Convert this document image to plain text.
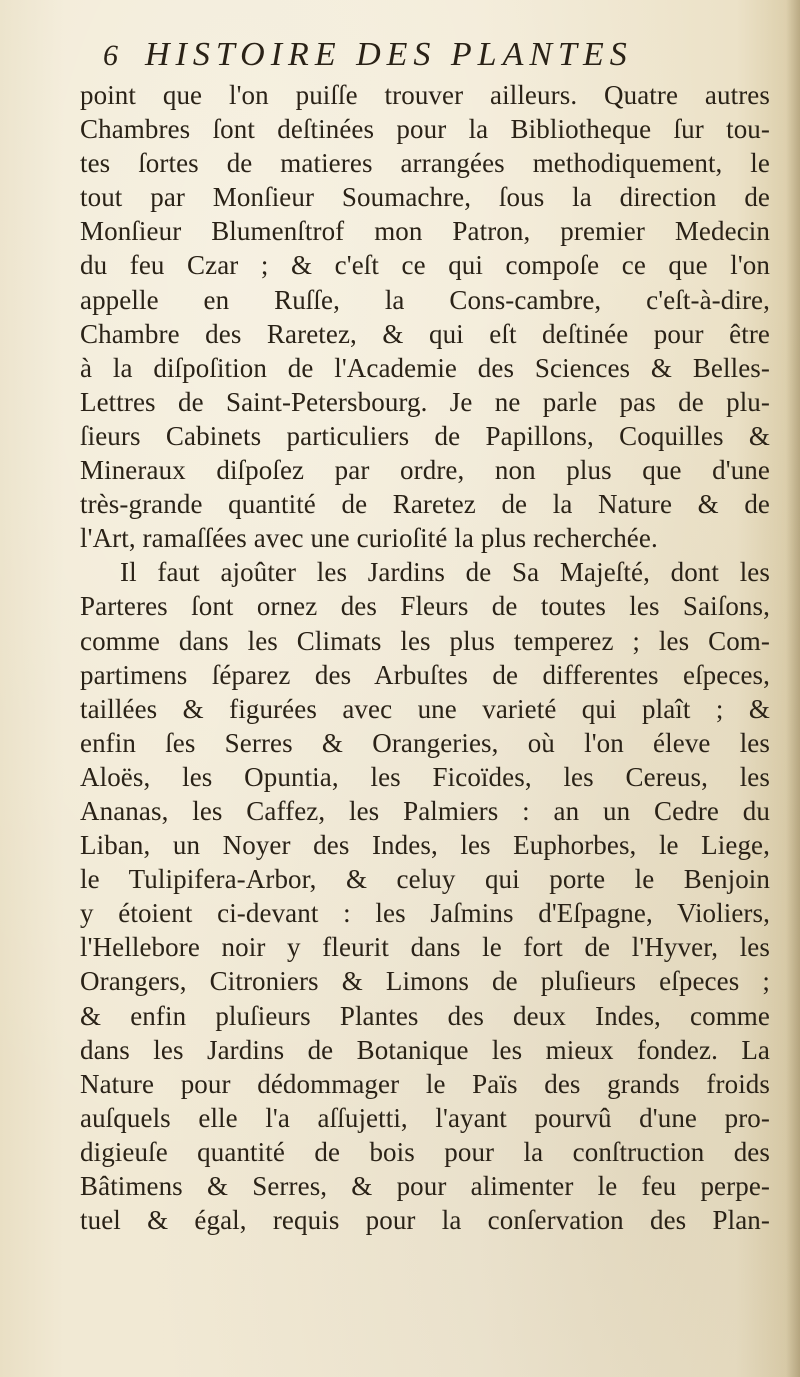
6 HISTOIRE DES PLANTES
point que l'on puiſſe trouver ailleurs. Quatre autres
Chambres ſont deſtinées pour la Bibliotheque ſur tou-
tes ſortes de matieres arrangées methodiquement, le
tout par Monſieur Soumachre, ſous la direction de
Monſieur Blumenſtrof mon Patron, premier Medecin
du feu Czar ; & c'eſt ce qui compoſe ce que l'on
appelle en Ruſſe, la Cons-cambre, c'eſt-à-dire,
Chambre des Raretez, & qui eſt deſtinée pour être
à la diſpoſition de l'Academie des Sciences & Belles-
Lettres de Saint-Petersbourg. Je ne parle pas de plu-
ſieurs Cabinets particuliers de Papillons, Coquilles &
Mineraux diſpoſez par ordre, non plus que d'une
très-grande quantité de Raretez de la Nature & de
l'Art, ramaſſées avec une curioſité la plus recherchée.
Il faut ajoûter les Jardins de Sa Majeſté, dont les
Parteres ſont ornez des Fleurs de toutes les Saiſons,
comme dans les Climats les plus temperez ; les Com-
partimens ſéparez des Arbuſtes de differentes eſpeces,
taillées & figurées avec une varieté qui plaît ; &
enfin ſes Serres & Orangeries, où l'on éleve les
Aloës, les Opuntia, les Ficoïdes, les Cereus, les
Ananas, les Caffez, les Palmiers : an un Cedre du
Liban, un Noyer des Indes, les Euphorbes, le Liege,
le Tulipifera-Arbor, & celuy qui porte le Benjoin
y étoient ci-devant : les Jaſmins d'Eſpagne, Violiers,
l'Hellebore noir y fleurit dans le fort de l'Hyver, les
Orangers, Citroniers & Limons de pluſieurs eſpeces ;
& enfin pluſieurs Plantes des deux Indes, comme
dans les Jardins de Botanique les mieux fondez. La
Nature pour dédommager le Païs des grands froids
auſquels elle l'a aſſujetti, l'ayant pourvû d'une pro-
digieuſe quantité de bois pour la conſtruction des
Bâtimens & Serres, & pour alimenter le feu perpe-
tuel & égal, requis pour la conſervation des Plan-
